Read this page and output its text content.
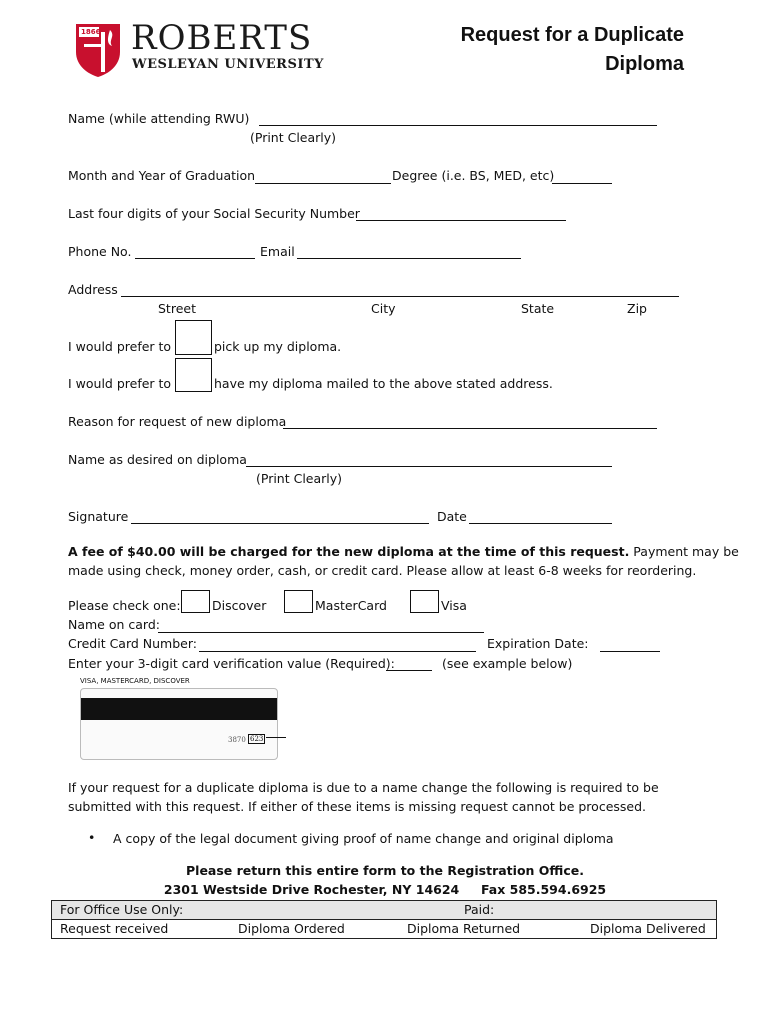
1866 ROBERTS
WESLEYAN UNIVERSITY
Request for a Duplicate
Diploma
Name (while attending RWU)
(Print Clearly)
Month and Year of Graduation	Degree (i.e. BS, MED, etc)
Last four digits of your Social Security Number
Phone No.	Email
Address
Street	City	State	Zip
I would prefer to	pick up my diploma.
I would prefer to	have my diploma mailed to the above stated address.
Reason for request of new diploma
Name as desired on diploma
(Print Clearly)
Signature	Date
A fee of $40.00 will be charged for the new diploma at the time of this request. Payment may be
made using check, money order, cash, or credit card. Please allow at least 6-8 weeks for reordering.
Please check one:	Discover	MasterCard	Visa
Name on card:
Credit Card Number:	Expiration Date:
Enter your 3-digit card verification value (Required):	(see example below)
VISA, MASTERCARD, DISCOVER
3870 623
If your request for a duplicate diploma is due to a name change the following is required to be
submitted with this request. If either of these items is missing request cannot be processed.
• A copy of the legal document giving proof of name change and original diploma
Please return this entire form to the Registration Office.
2301 Westside Drive Rochester, NY 14624     Fax 585.594.6925
For Office Use Only:	Paid:
Request received	Diploma Ordered	Diploma Returned	Diploma Delivered
